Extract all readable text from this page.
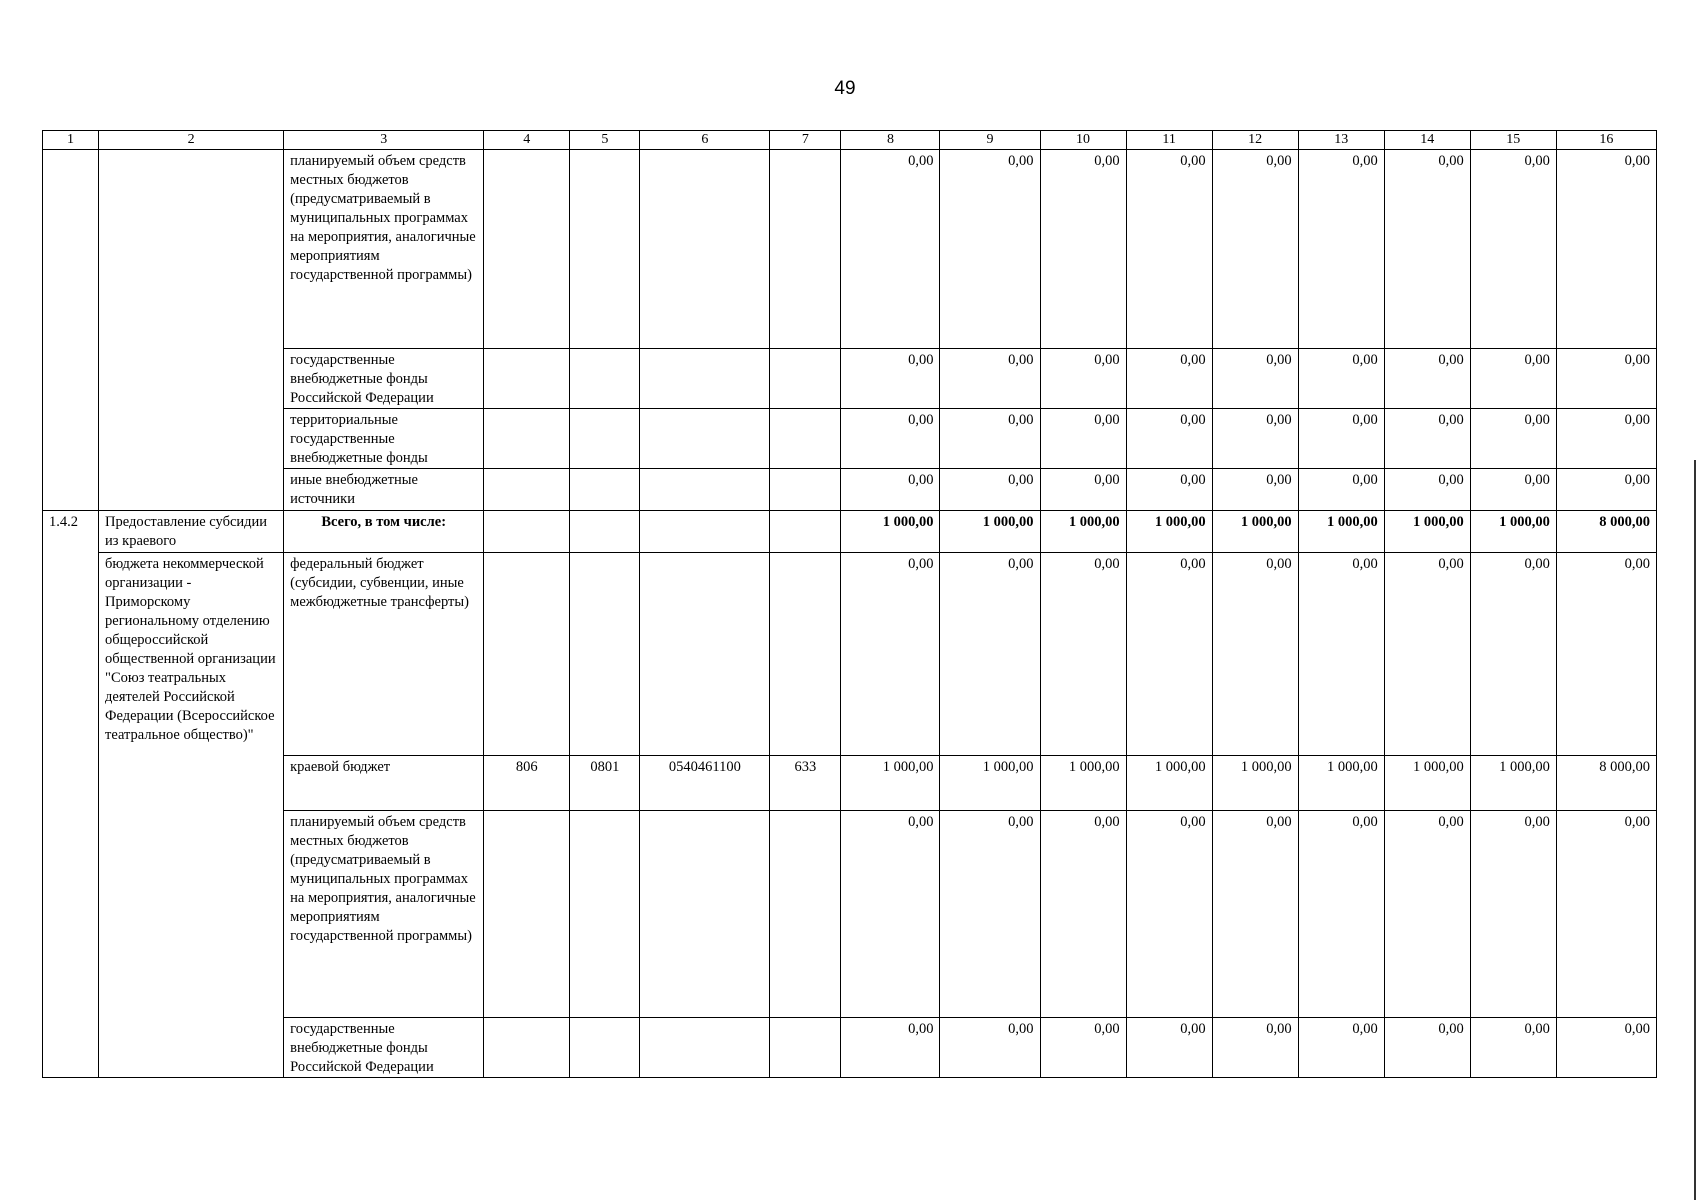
49
1	2	3	4	5	6	7	8	9	10	11	12	13	14	15	16
		планируемый объем средств местных бюджетов (предусматриваемый в муниципальных программах на мероприятия, аналогичные мероприятиям государственной программы)					0,00	0,00	0,00	0,00	0,00	0,00	0,00	0,00	0,00
		государственные внебюджетные фонды Российской Федерации					0,00	0,00	0,00	0,00	0,00	0,00	0,00	0,00	0,00
		территориальные государственные внебюджетные фонды					0,00	0,00	0,00	0,00	0,00	0,00	0,00	0,00	0,00
		иные внебюджетные источники					0,00	0,00	0,00	0,00	0,00	0,00	0,00	0,00	0,00
1.4.2	Предоставление субсидии из краевого	Всего, в том числе:					1 000,00	1 000,00	1 000,00	1 000,00	1 000,00	1 000,00	1 000,00	1 000,00	8 000,00
	бюджета некоммерческой организации - Приморскому региональному отделению общероссийской общественной организации "Союз театральных деятелей Российской Федерации (Всероссийское театральное общество)"	федеральный бюджет (субсидии, субвенции, иные межбюджетные трансферты)					0,00	0,00	0,00	0,00	0,00	0,00	0,00	0,00	0,00
		краевой бюджет	806	0801	0540461100	633	1 000,00	1 000,00	1 000,00	1 000,00	1 000,00	1 000,00	1 000,00	1 000,00	8 000,00
		планируемый объем средств местных бюджетов (предусматриваемый в муниципальных программах на мероприятия, аналогичные мероприятиям государственной программы)					0,00	0,00	0,00	0,00	0,00	0,00	0,00	0,00	0,00
		государственные внебюджетные фонды Российской Федерации					0,00	0,00	0,00	0,00	0,00	0,00	0,00	0,00	0,00
